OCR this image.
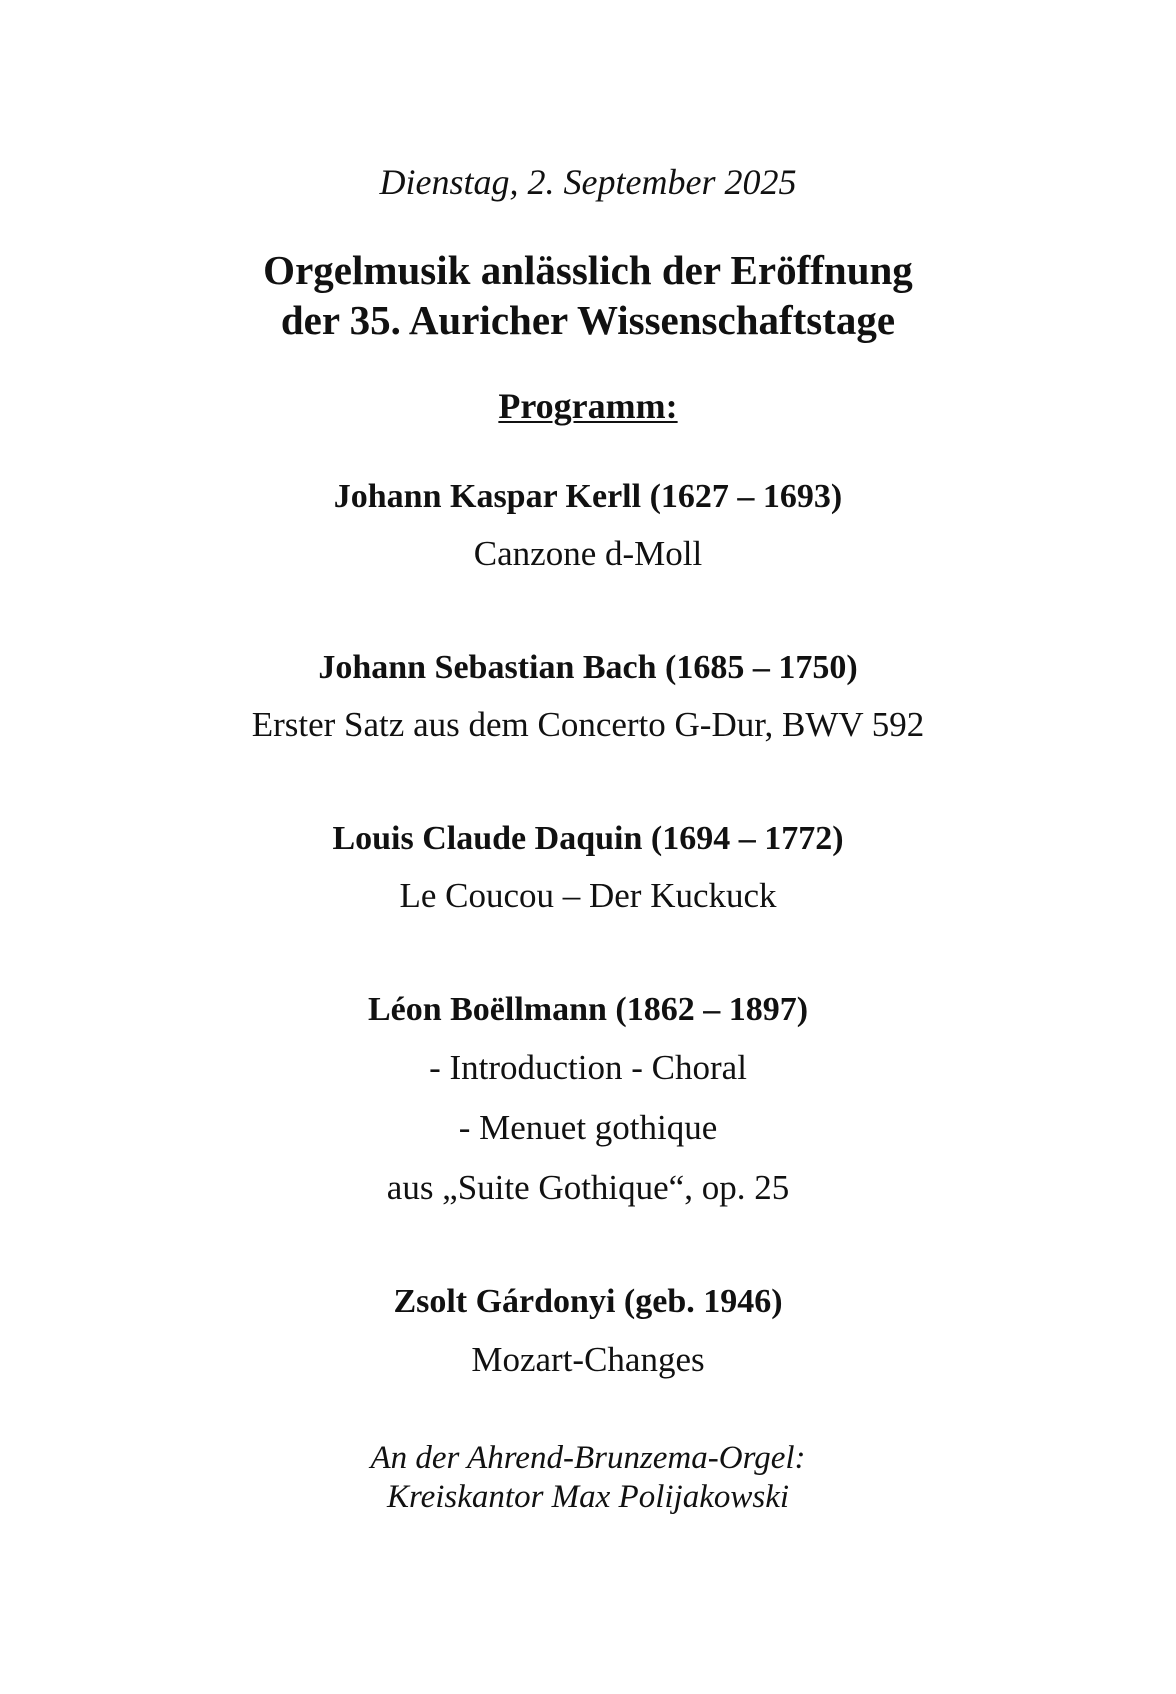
Dienstag, 2. September 2025
Orgelmusik anlässlich der Eröffnung
der 35. Auricher Wissenschaftstage
Programm:
Johann Kaspar Kerll (1627 – 1693)
Canzone d-Moll
Johann Sebastian Bach (1685 – 1750)
Erster Satz aus dem Concerto G-Dur, BWV 592
Louis Claude Daquin (1694 – 1772)
Le Coucou – Der Kuckuck
Léon Boëllmann (1862 – 1897)
- Introduction - Choral
- Menuet gothique
aus „Suite Gothique“, op. 25
Zsolt Gárdonyi (geb. 1946)
Mozart-Changes
An der Ahrend-Brunzema-Orgel:
Kreiskantor Max Polijakowski
